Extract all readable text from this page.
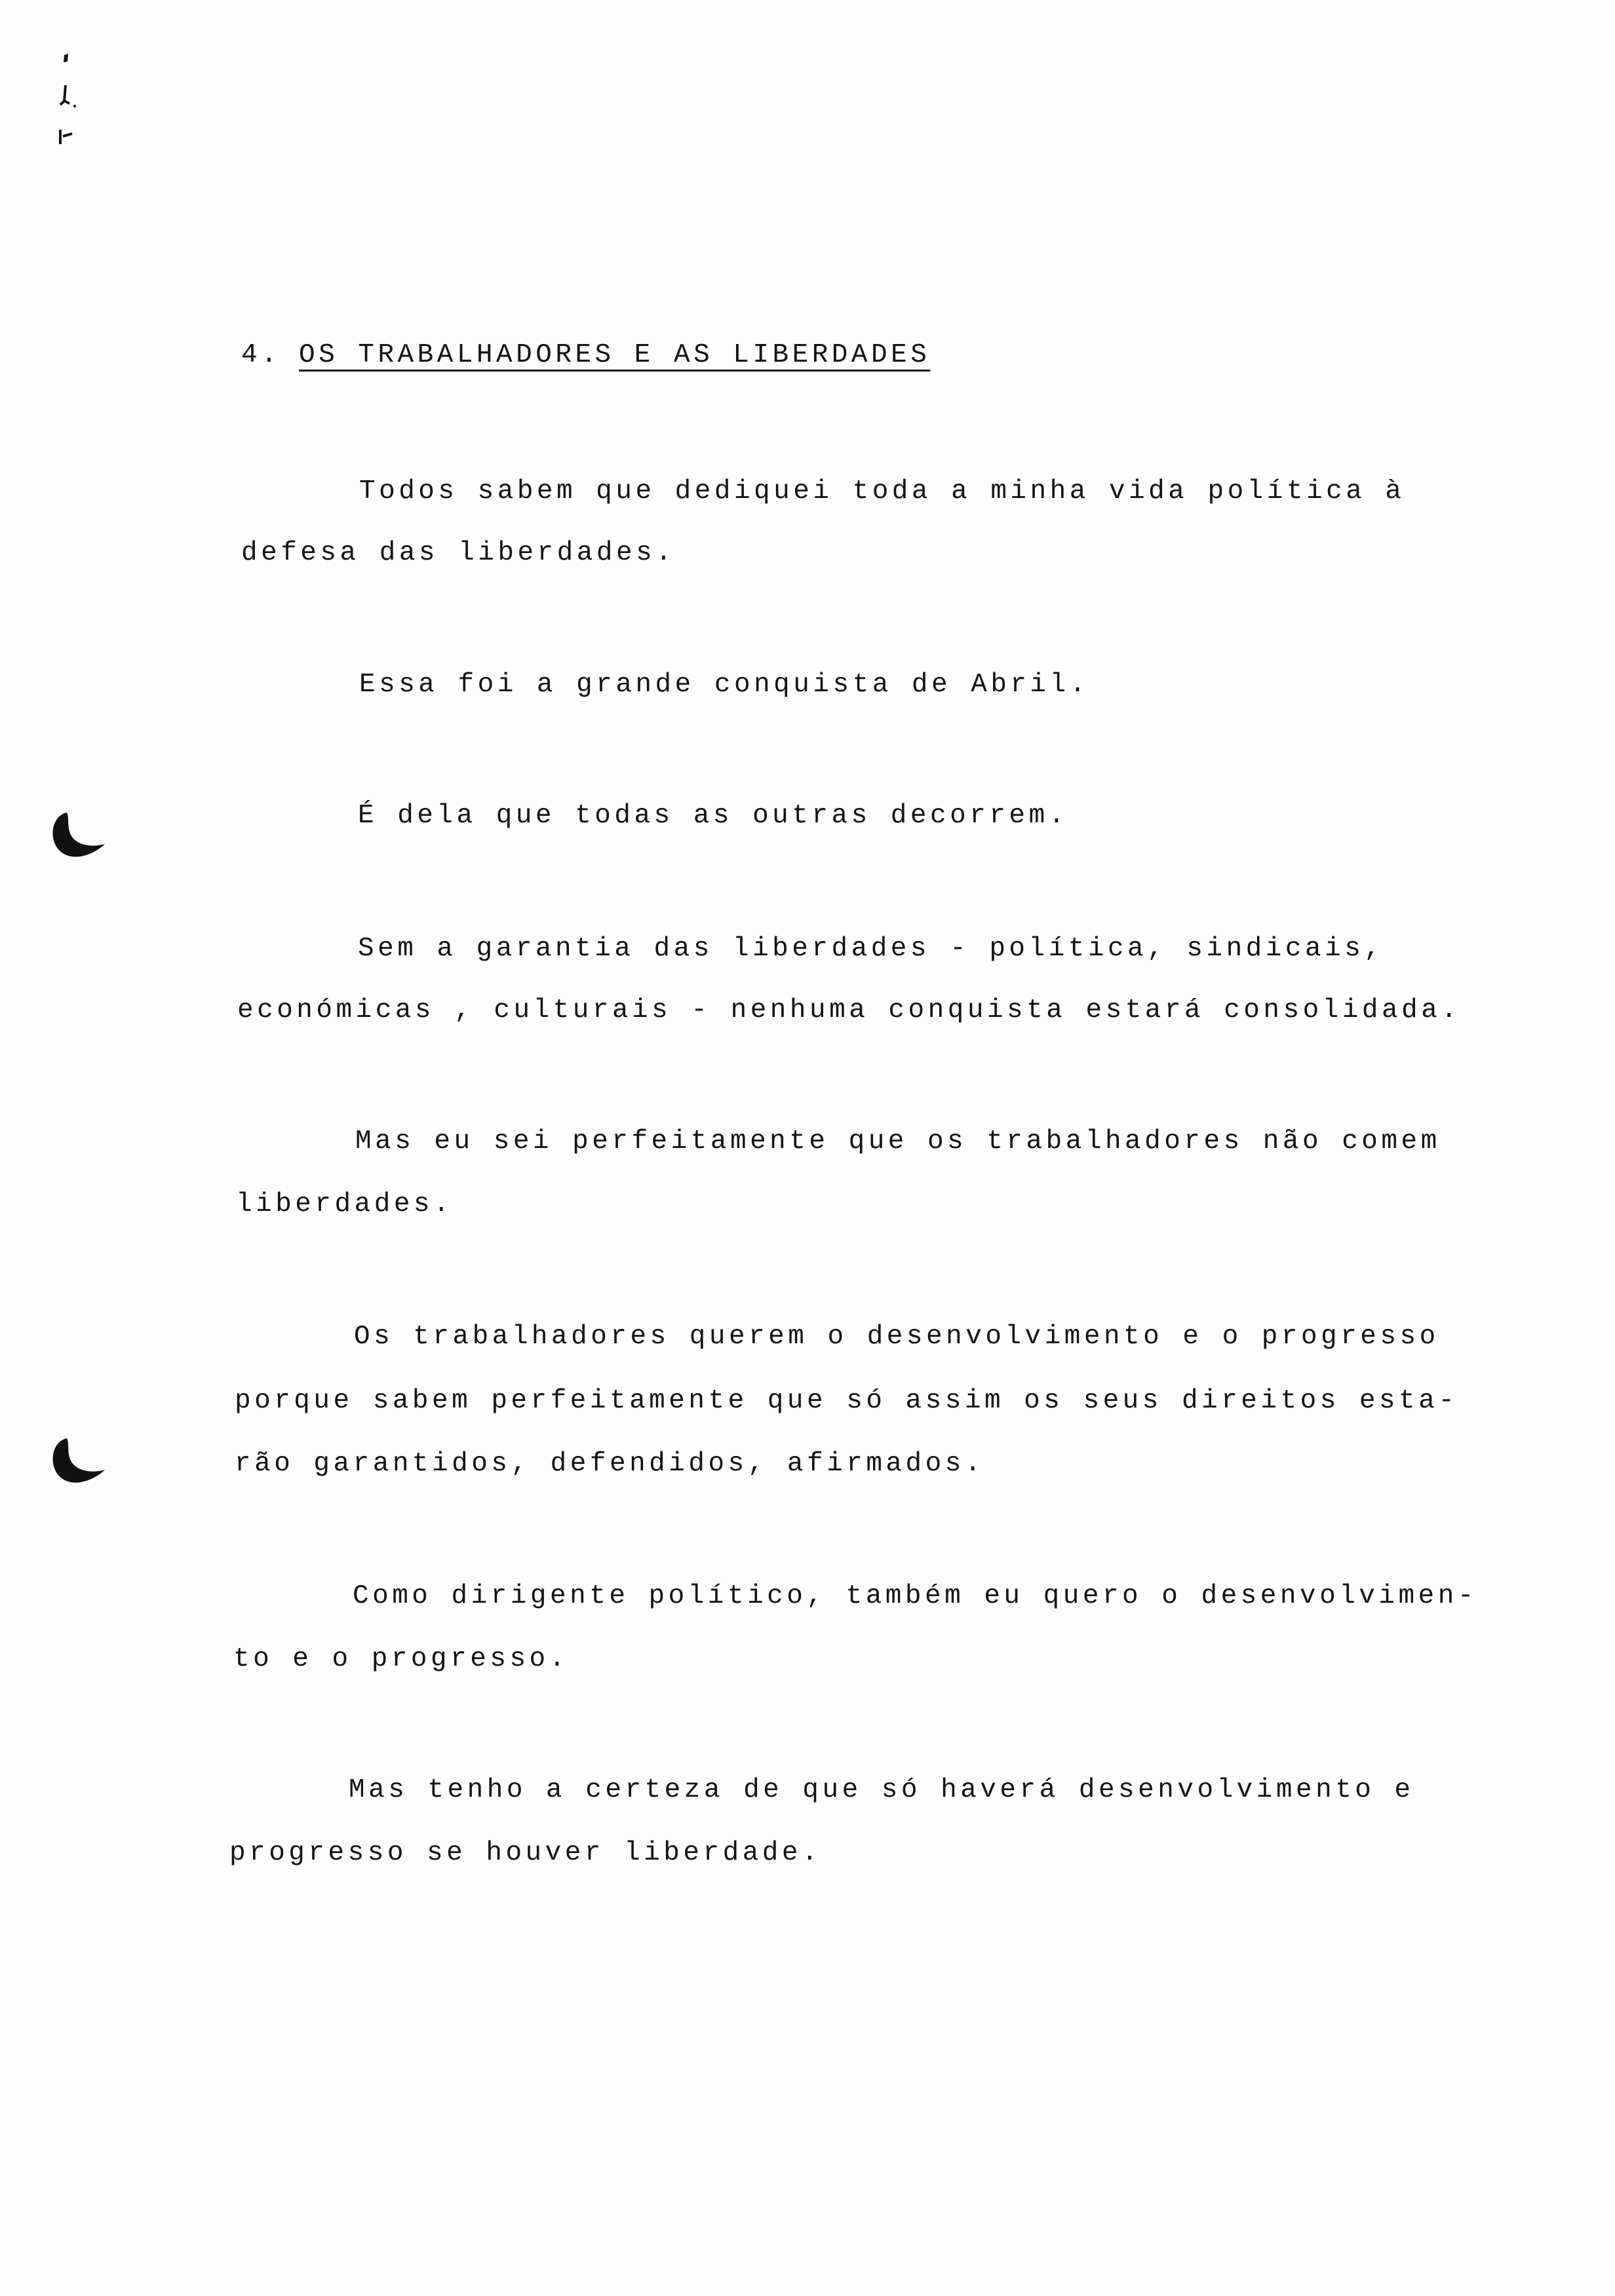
4. OS TRABALHADORES E AS LIBERDADES
Todos sabem que dediquei toda a minha vida política à
defesa das liberdades.
Essa foi a grande conquista de Abril.
É dela que todas as outras decorrem.
Sem a garantia das liberdades - política, sindicais,
económicas , culturais - nenhuma conquista estará consolidada.
Mas eu sei perfeitamente que os trabalhadores não comem
liberdades.
Os trabalhadores querem o desenvolvimento e o progresso
porque sabem perfeitamente que só assim os seus direitos esta-
rão garantidos, defendidos, afirmados.
Como dirigente político, também eu quero o desenvolvimen-
to e o progresso.
Mas tenho a certeza de que só haverá desenvolvimento e
progresso se houver liberdade.
